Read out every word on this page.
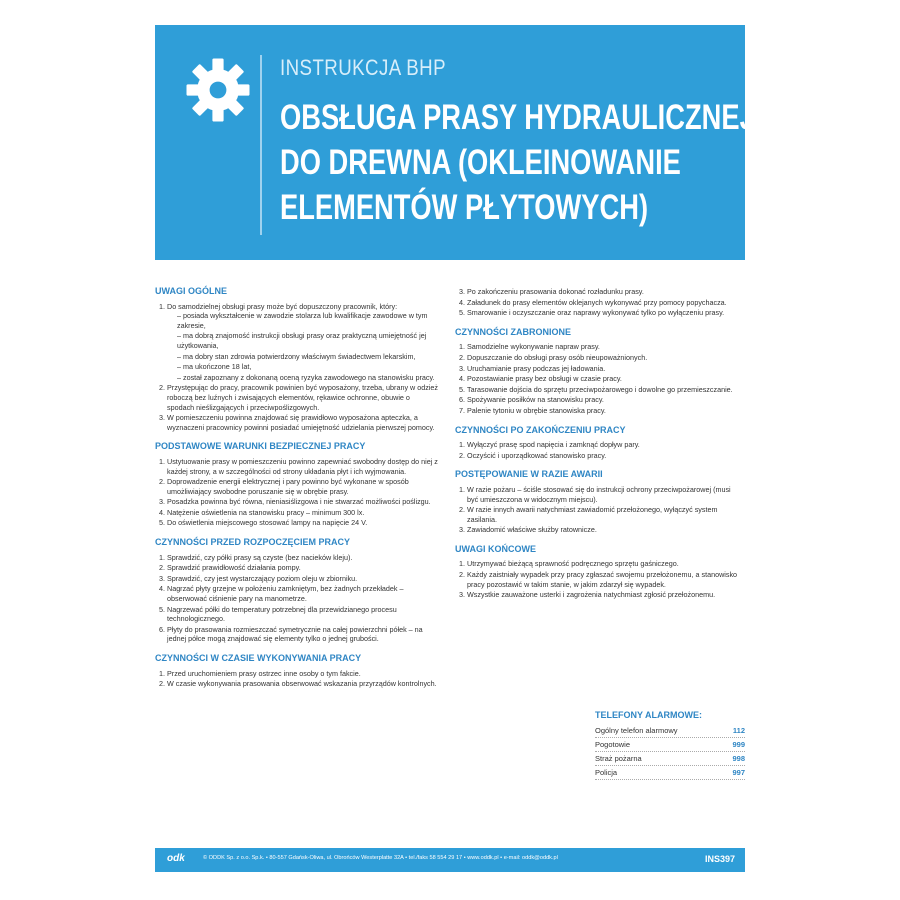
INSTRUKCJA BHP
OBSŁUGA PRASY HYDRAULICZNEJ
DO DREWNA (OKLEINOWANIE
ELEMENTÓW PŁYTOWYCH)
UWAGI OGÓLNE
1. Do samodzielnej obsługi prasy może być dopuszczony pracownik, który:
– posiada wykształcenie w zawodzie stolarza lub kwalifikacje zawodowe w tym zakresie,
– ma dobrą znajomość instrukcji obsługi prasy oraz praktyczną umiejętność jej użytkowania,
– ma dobry stan zdrowia potwierdzony właściwym świadectwem lekarskim,
– ma ukończone 18 lat,
– został zapoznany z dokonaną oceną ryzyka zawodowego na stanowisku pracy.
2. Przystępując do pracy, pracownik powinien być wyposażony, trzeba, ubrany w odzież roboczą bez luźnych i zwisających elementów, rękawice ochronne, obuwie o spodach nieślizgających i przeciwpoślizgowych.
3. W pomieszczeniu powinna znajdować się prawidłowo wyposażona apteczka, a wyznaczeni pracownicy powinni posiadać umiejętność udzielania pierwszej pomocy.
PODSTAWOWE WARUNKI BEZPIECZNEJ PRACY
1. Ustytuowanie prasy w pomieszczeniu powinno zapewniać swobodny dostęp do niej z każdej strony, a w szczególności od strony układania płyt i ich wyjmowania.
2. Doprowadzenie energii elektrycznej i pary powinno być wykonane w sposób umożliwiający swobodne poruszanie się w obrębie prasy.
3. Posadzka powinna być równa, nieniasiślizgowa i nie stwarzać możliwości poślizgu.
4. Natężenie oświetlenia na stanowisku pracy – minimum 300 lx.
5. Do oświetlenia miejscowego stosować lampy na napięcie 24 V.
CZYNNOŚCI PRZED ROZPOCZĘCIEM PRACY
1. Sprawdzić, czy półki prasy są czyste (bez nacieków kleju).
2. Sprawdzić prawidłowość działania pompy.
3. Sprawdzić, czy jest wystarczający poziom oleju w zbiorniku.
4. Nagrzać płyty grzejne w położeniu zamkniętym, bez żadnych przekładek – obserwować ciśnienie pary na manometrze.
5. Nagrzewać półki do temperatury potrzebnej dla przewidzianego procesu technologicznego.
6. Płyty do prasowania rozmieszczać symetrycznie na całej powierzchni półek – na jednej półce mogą znajdować się elementy tylko o jednej grubości.
CZYNNOŚCI W CZASIE WYKONYWANIA PRACY
1. Przed uruchomieniem prasy ostrzec inne osoby o tym fakcie.
2. W czasie wykonywania prasowania obserwować wskazania przyrządów kontrolnych.
3. Po zakończeniu prasowania dokonać rozładunku prasy.
4. Załadunek do prasy elementów oklejanych wykonywać przy pomocy popychacza.
5. Smarowanie i oczyszczanie oraz naprawy wykonywać tylko po wyłączeniu prasy.
CZYNNOŚCI ZABRONIONE
1. Samodzielne wykonywanie napraw prasy.
2. Dopuszczanie do obsługi prasy osób nieupoważnionych.
3. Uruchamianie prasy podczas jej ładowania.
4. Pozostawianie prasy bez obsługi w czasie pracy.
5. Tarasowanie dojścia do sprzętu przeciwpożarowego i dowolne go przemieszczanie.
6. Spożywanie posiłków na stanowisku pracy.
7. Palenie tytoniu w obrębie stanowiska pracy.
CZYNNOŚCI PO ZAKOŃCZENIU PRACY
1. Wyłączyć prasę spod napięcia i zamknąć dopływ pary.
2. Oczyścić i uporządkować stanowisko pracy.
POSTĘPOWANIE W RAZIE AWARII
1. W razie pożaru – ściśle stosować się do instrukcji ochrony przeciwpożarowej (musi być umieszczona w widocznym miejscu).
2. W razie innych awarii natychmiast zawiadomić przełożonego, wyłączyć system zasilania.
3. Zawiadomić właściwe służby ratownicze.
UWAGI KOŃCOWE
1. Utrzymywać bieżącą sprawność podręcznego sprzętu gaśniczego.
2. Każdy zaistniały wypadek przy pracy zgłaszać swojemu przełożonemu, a stanowisko pracy pozostawić w takim stanie, w jakim zdarzył się wypadek.
3. Wszystkie zauważone usterki i zagrożenia natychmiast zgłosić przełożonemu.
TELEFONY ALARMOWE:
Ogólny telefon alarmowy	112
Pogotowie	999
Straż pożarna	998
Policja	997
odk	© ODDK Sp. z o.o. Sp.k. • 80-557 Gdańsk-Oliwa, ul. Obrońców Westerplatte 32A • tel./faks 58 554 29 17 • www.oddk.pl • e-mail: oddk@oddk.pl	INS397
